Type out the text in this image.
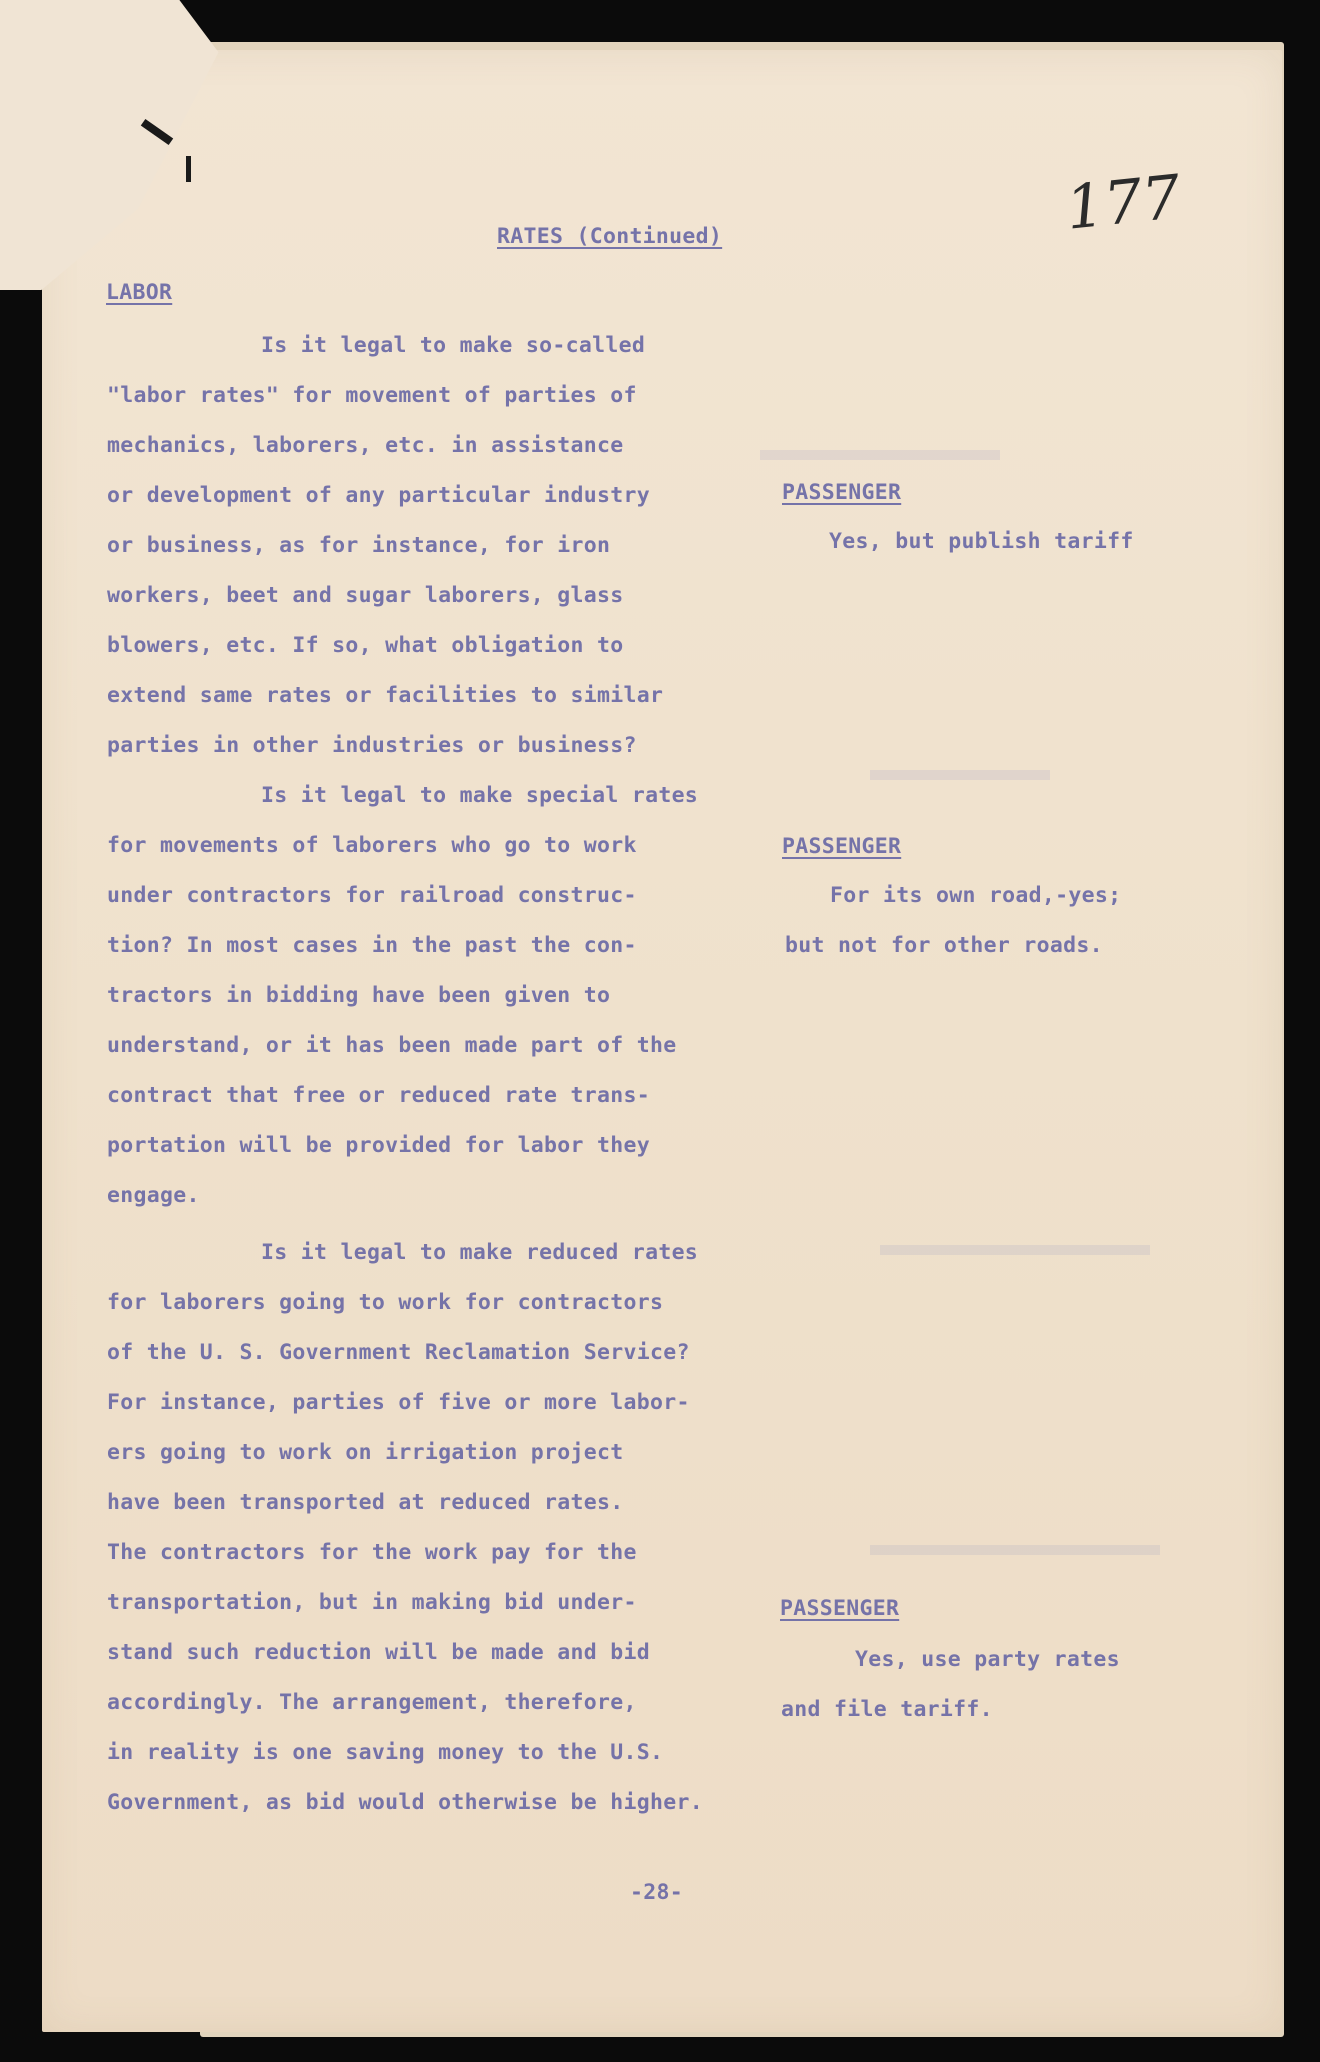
177
RATES (Continued)
LABOR
Is it legal to make so-called
"labor rates" for movement of parties of
mechanics, laborers, etc. in assistance
or development of any particular industry
or business, as for instance, for iron
workers, beet and sugar laborers, glass
blowers, etc. If so, what obligation to
extend same rates or facilities to similar
parties in other industries or business?
PASSENGER
Yes, but publish tariff
Is it legal to make special rates
for movements of laborers who go to work
under contractors for railroad construc-
tion? In most cases in the past the con-
tractors in bidding have been given to
understand, or it has been made part of the
contract that free or reduced rate trans-
portation will be provided for labor they
engage.
PASSENGER
For its own road,-yes;
but not for other roads.
Is it legal to make reduced rates
for laborers going to work for contractors
of the U. S. Government Reclamation Service?
For instance, parties of five or more labor-
ers going to work on irrigation project
have been transported at reduced rates.
The contractors for the work pay for the
transportation, but in making bid under-
stand such reduction will be made and bid
accordingly. The arrangement, therefore,
in reality is one saving money to the U.S.
Government, as bid would otherwise be higher.
PASSENGER
Yes, use party rates
and file tariff.
-28-
